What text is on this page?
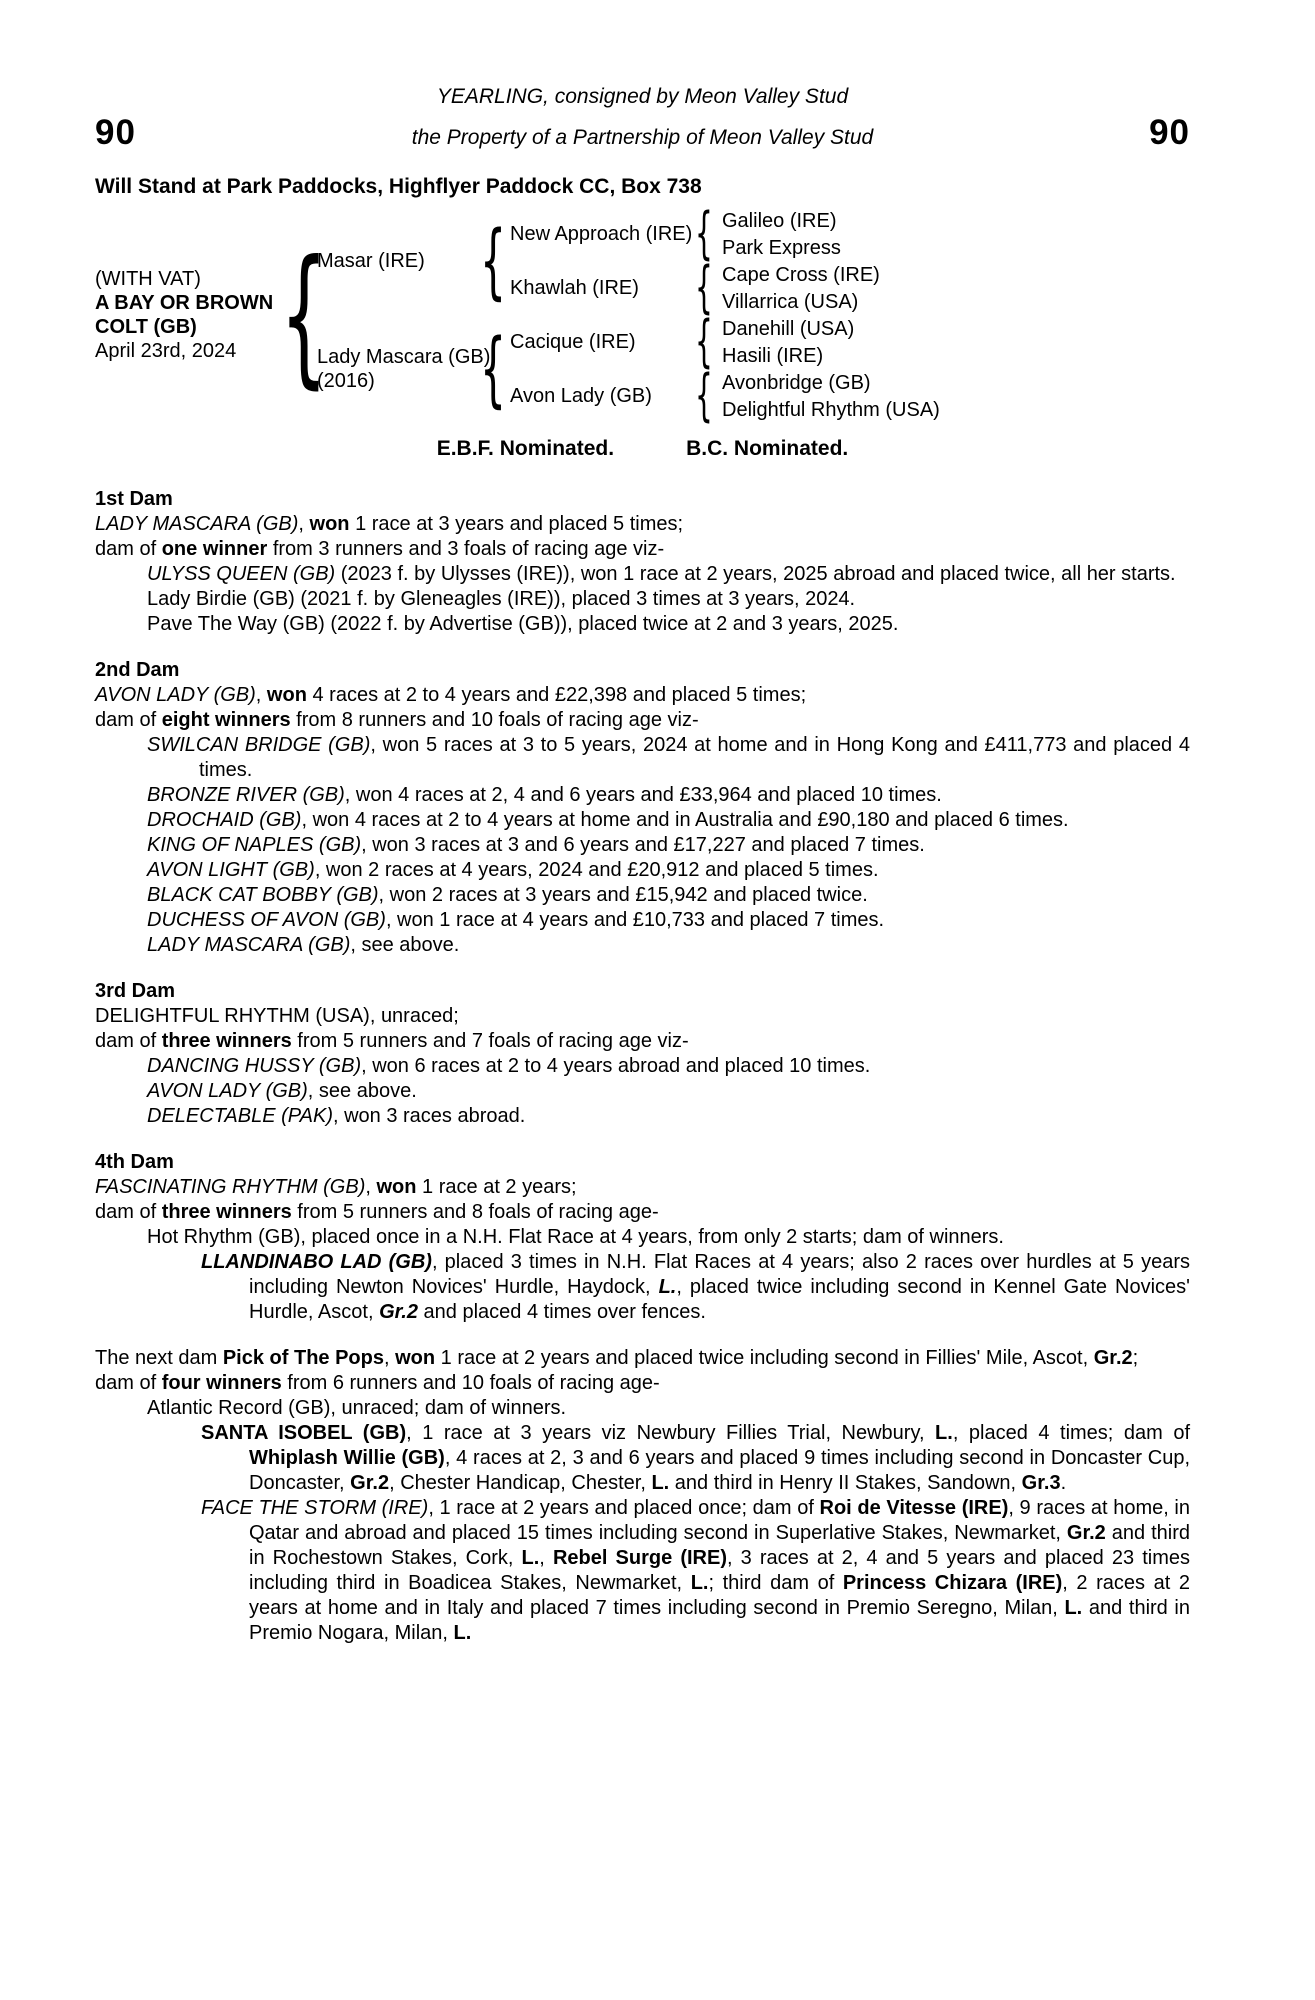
90
YEARLING, consigned by Meon Valley Stud
the Property of a Partnership of Meon Valley Stud	90
Will Stand at Park Paddocks, Highflyer Paddock CC, Box 738
(WITH VAT)
A BAY OR BROWN
COLT (GB)
April 23rd, 2024 {
Masar (IRE)
Lady Mascara (GB)
(2016)
{
{
New Approach (IRE)
Khawlah (IRE)
Cacique (IRE)
Avon Lady (GB)
{
{
{
{
Galileo (IRE)
Park Express
Cape Cross (IRE)
Villarrica (USA)
Danehill (USA)
Hasili (IRE)
Avonbridge (GB)
Delightful Rhythm (USA)
E.B.F. Nominated.	B.C. Nominated.
1st Dam

LADY MASCARA (GB), won 1 race at 3 years and placed 5 times;

dam of one winner from 3 runners and 3 foals of racing age viz-

ULYSS QUEEN (GB) (2023 f. by Ulysses (IRE)), won 1 race at 2 years, 2025 abroad and placed twice, all her starts.

Lady Birdie (GB) (2021 f. by Gleneagles (IRE)), placed 3 times at 3 years, 2024.

Pave The Way (GB) (2022 f. by Advertise (GB)), placed twice at 2 and 3 years, 2025.

2nd Dam

AVON LADY (GB), won 4 races at 2 to 4 years and £22,398 and placed 5 times;

dam of eight winners from 8 runners and 10 foals of racing age viz-

SWILCAN BRIDGE (GB), won 5 races at 3 to 5 years, 2024 at home and in Hong Kong and £411,773 and placed 4 times.

BRONZE RIVER (GB), won 4 races at 2, 4 and 6 years and £33,964 and placed 10 times.

DROCHAID (GB), won 4 races at 2 to 4 years at home and in Australia and £90,180 and placed 6 times.

KING OF NAPLES (GB), won 3 races at 3 and 6 years and £17,227 and placed 7 times.

AVON LIGHT (GB), won 2 races at 4 years, 2024 and £20,912 and placed 5 times.

BLACK CAT BOBBY (GB), won 2 races at 3 years and £15,942 and placed twice.

DUCHESS OF AVON (GB), won 1 race at 4 years and £10,733 and placed 7 times.

LADY MASCARA (GB), see above.

3rd Dam

DELIGHTFUL RHYTHM (USA), unraced;

dam of three winners from 5 runners and 7 foals of racing age viz-

DANCING HUSSY (GB), won 6 races at 2 to 4 years abroad and placed 10 times.

AVON LADY (GB), see above.

DELECTABLE (PAK), won 3 races abroad.

4th Dam

FASCINATING RHYTHM (GB), won 1 race at 2 years;

dam of three winners from 5 runners and 8 foals of racing age-

Hot Rhythm (GB), placed once in a N.H. Flat Race at 4 years, from only 2 starts; dam of winners.

LLANDINABO LAD (GB), placed 3 times in N.H. Flat Races at 4 years; also 2 races over hurdles at 5 years including Newton Novices' Hurdle, Haydock, L., placed twice including second in Kennel Gate Novices' Hurdle, Ascot, Gr.2 and placed 4 times over fences.

The next dam Pick of The Pops, won 1 race at 2 years and placed twice including second in Fillies' Mile, Ascot, Gr.2;

dam of four winners from 6 runners and 10 foals of racing age-

Atlantic Record (GB), unraced; dam of winners.

SANTA ISOBEL (GB), 1 race at 3 years viz Newbury Fillies Trial, Newbury, L., placed 4 times; dam of Whiplash Willie (GB), 4 races at 2, 3 and 6 years and placed 9 times including second in Doncaster Cup, Doncaster, Gr.2, Chester Handicap, Chester, L. and third in Henry II Stakes, Sandown, Gr.3.

FACE THE STORM (IRE), 1 race at 2 years and placed once; dam of Roi de Vitesse (IRE), 9 races at home, in Qatar and abroad and placed 15 times including second in Superlative Stakes, Newmarket, Gr.2 and third in Rochestown Stakes, Cork, L., Rebel Surge (IRE), 3 races at 2, 4 and 5 years and placed 23 times including third in Boadicea Stakes, Newmarket, L.; third dam of Princess Chizara (IRE), 2 races at 2 years at home and in Italy and placed 7 times including second in Premio Seregno, Milan, L. and third in Premio Nogara, Milan, L.
